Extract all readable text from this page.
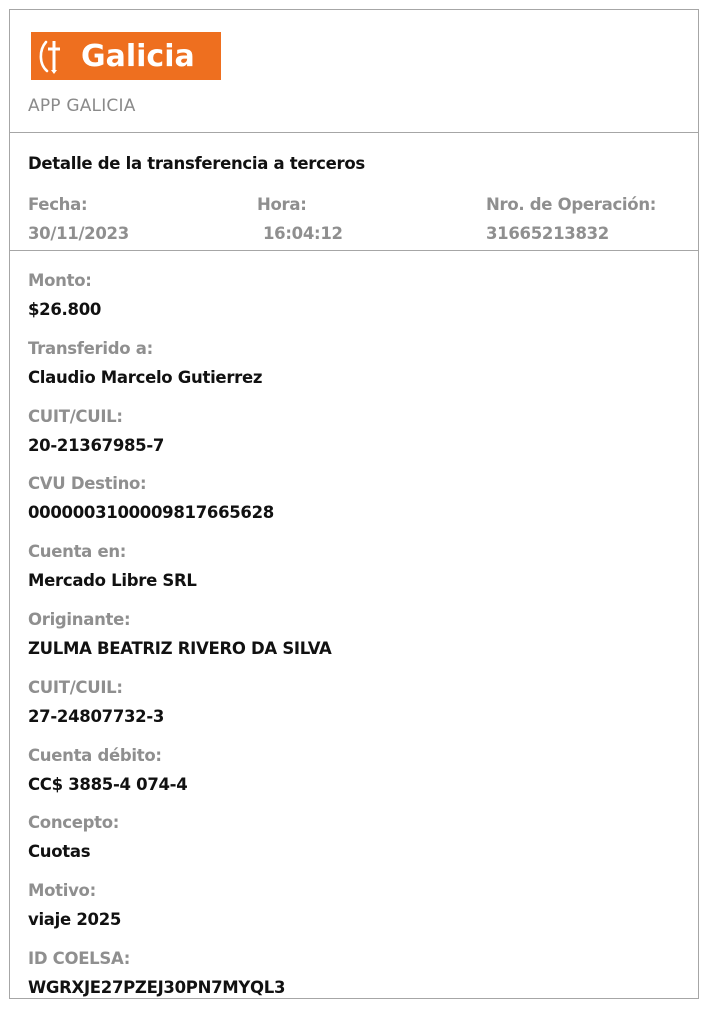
Galicia
APP GALICIA
Detalle de la transferencia a terceros
Fecha:
30/11/2023
Hora:
16:04:12
Nro. de Operación:
31665213832
Monto:
$26.800
Transferido a:
Claudio Marcelo Gutierrez
CUIT/CUIL:
20-21367985-7
CVU Destino:
0000003100009817665628
Cuenta en:
Mercado Libre SRL
Originante:
ZULMA BEATRIZ RIVERO DA SILVA
CUIT/CUIL:
27-24807732-3
Cuenta débito:
CC$ 3885-4 074-4
Concepto:
Cuotas
Motivo:
viaje 2025
ID COELSA:
WGRXJE27PZEJ30PN7MYQL3
